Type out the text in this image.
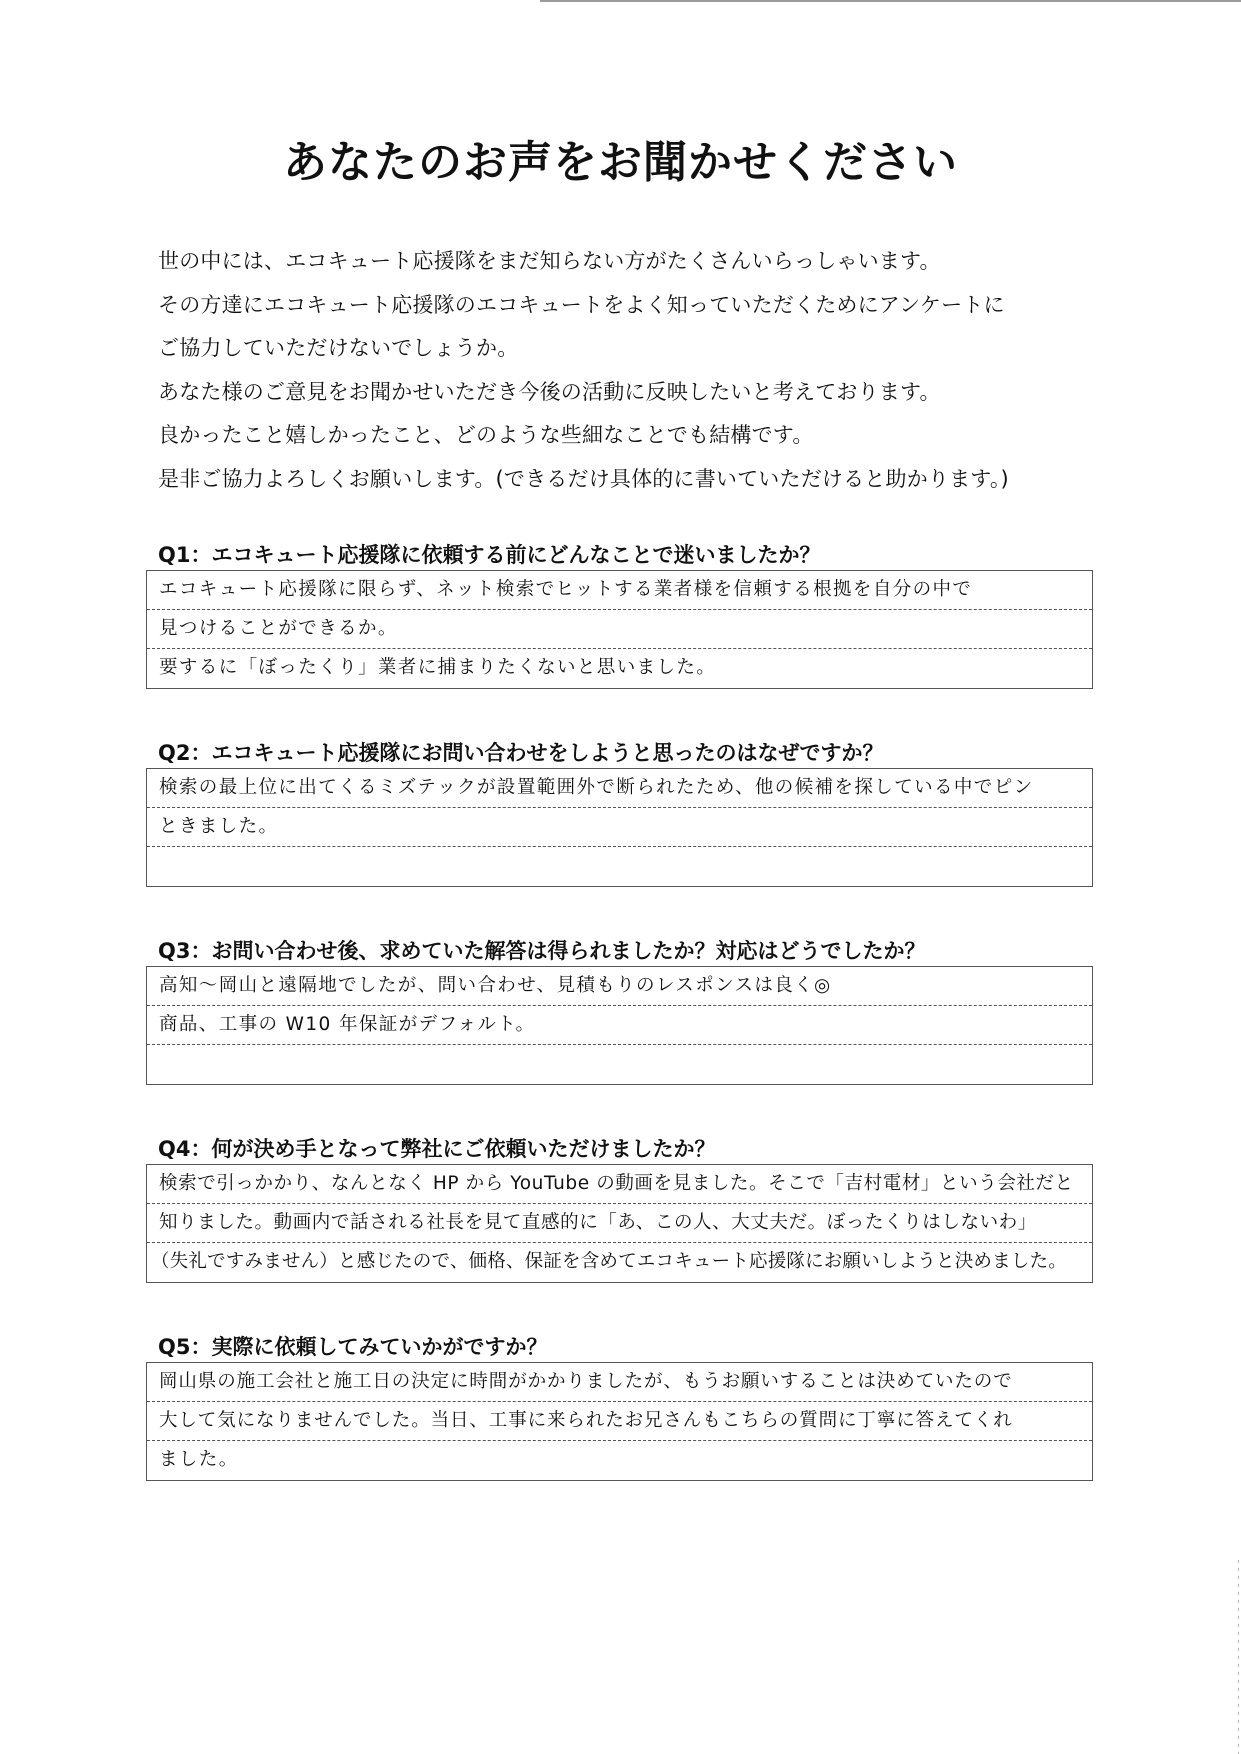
あなたのお声をお聞かせください
世の中には、エコキュート応援隊をまだ知らない方がたくさんいらっしゃいます。
その方達にエコキュート応援隊のエコキュートをよく知っていただくためにアンケートに
ご協力していただけないでしょうか。
あなた様のご意見をお聞かせいただき今後の活動に反映したいと考えております。
良かったこと嬉しかったこと、どのような些細なことでも結構です。
是非ご協力よろしくお願いします。(できるだけ具体的に書いていただけると助かります。)
Q1：エコキュート応援隊に依頼する前にどんなことで迷いましたか？
エコキュート応援隊に限らず、ネット検索でヒットする業者様を信頼する根拠を自分の中で
見つけることができるか。
要するに「ぼったくり」業者に捕まりたくないと思いました。
Q2：エコキュート応援隊にお問い合わせをしようと思ったのはなぜですか？
検索の最上位に出てくるミズテックが設置範囲外で断られたため、他の候補を探している中でピン
ときました。
Q3：お問い合わせ後、求めていた解答は得られましたか？対応はどうでしたか？
高知～岡山と遠隔地でしたが、問い合わせ、見積もりのレスポンスは良く◎
商品、工事の W10 年保証がデフォルト。
Q4：何が決め手となって弊社にご依頼いただけましたか？
検索で引っかかり、なんとなく HP から YouTube の動画を見ました。そこで「吉村電材」という会社だと
知りました。動画内で話される社長を見て直感的に「あ、この人、大丈夫だ。ぼったくりはしないわ」
（失礼ですみません）と感じたので、価格、保証を含めてエコキュート応援隊にお願いしようと決めました。
Q5：実際に依頼してみていかがですか？
岡山県の施工会社と施工日の決定に時間がかかりましたが、もうお願いすることは決めていたので
大して気になりませんでした。当日、工事に来られたお兄さんもこちらの質問に丁寧に答えてくれ
ました。
